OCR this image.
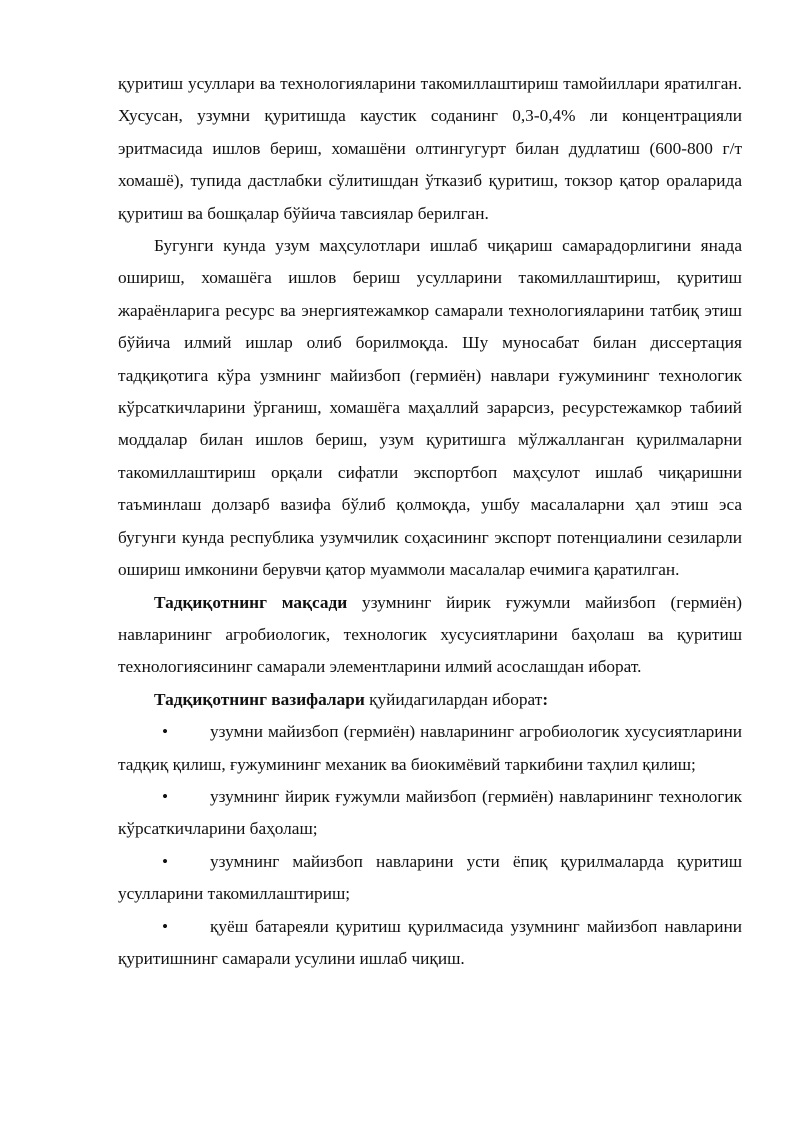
қуритиш усуллари ва технологияларини такомиллаштириш тамойиллари яратилган. Хусусан, узумни қуритишда каустик соданинг 0,3-0,4% ли концентрацияли эритмасида ишлов бериш, хомашёни олтингугурт билан дудлатиш (600-800 г/т хомашё), тупида дастлабки сўлитишдан ўтказиб қуритиш, токзор қатор ораларида қуритиш ва бошқалар бўйича тавсиялар берилган.

Бугунги кунда узум маҳсулотлари ишлаб чиқариш самарадорлигини янада ошириш, хомашёга ишлов бериш усулларини такомиллаштириш, қуритиш жараёнларига ресурс ва энергиятежамкор самарали технологияларини татбиқ этиш бўйича илмий ишлар олиб борилмоқда. Шу муносабат билан диссертация тадқиқотига кўра узмнинг майизбоп (гермиён) навлари ғужумининг технологик кўрсаткичларини ўрганиш, хомашёга маҳаллий зарарсиз, ресурстежамкор табиий моддалар билан ишлов бериш, узум қуритишга мўлжалланган қурилмаларни такомиллаштириш орқали сифатли экспортбоп маҳсулот ишлаб чиқаришни таъминлаш долзарб вазифа бўлиб қолмоқда, ушбу масалаларни ҳал этиш эса бугунги кунда республика узумчилик соҳасининг экспорт потенциалини сезиларли ошириш имконини берувчи қатор муаммоли масалалар ечимига қаратилган.

Тадқиқотнинг мақсади узумнинг йирик ғужумли майизбоп (гермиён) навларининг агробиологик, технологик хусусиятларини баҳолаш ва қуритиш технологиясининг самарали элементларини илмий асослашдан иборат.

Тадқиқотнинг вазифалари қуйидагилардан иборат:

• узумни майизбоп (гермиён) навларининг агробиологик хусусиятларини тадқиқ қилиш, ғужумининг механик ва биокимёвий таркибини таҳлил қилиш;

• узумнинг йирик ғужумли майизбоп (гермиён) навларининг технологик кўрсаткичларини баҳолаш;

• узумнинг майизбоп навларини усти ёпиқ қурилмаларда қуритиш усулларини такомиллаштириш;

• қуёш батареяли қуритиш қурилмасида узумнинг майизбоп навларини қуритишнинг самарали усулини ишлаб чиқиш.
